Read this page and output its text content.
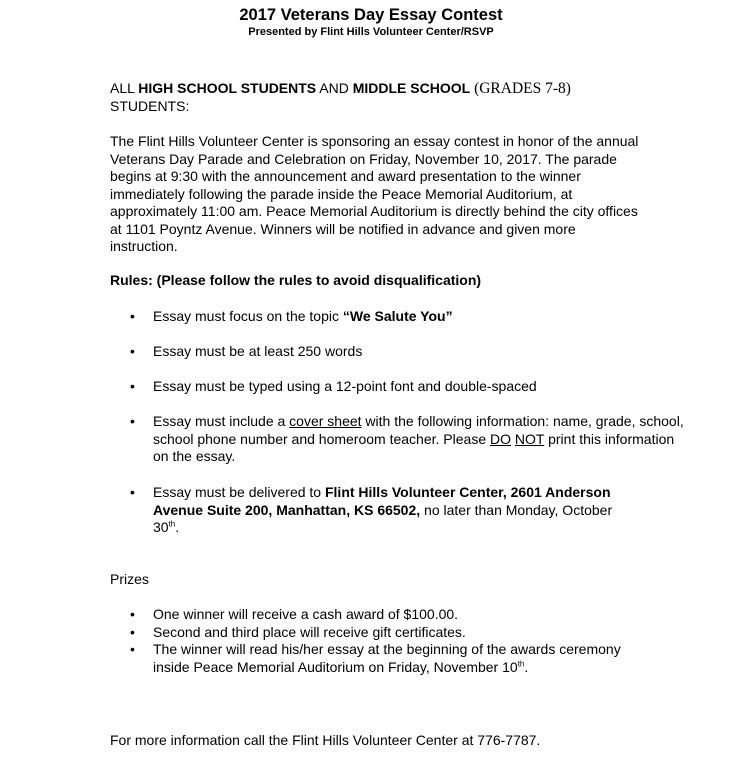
2017 Veterans Day Essay Contest
Presented by Flint Hills Volunteer Center/RSVP
ALL HIGH SCHOOL STUDENTS AND MIDDLE SCHOOL (GRADES 7-8)
STUDENTS:
The Flint Hills Volunteer Center is sponsoring an essay contest in honor of the annual Veterans Day Parade and Celebration on Friday, November 10, 2017. The parade begins at 9:30 with the announcement and award presentation to the winner immediately following the parade inside the Peace Memorial Auditorium, at approximately 11:00 am. Peace Memorial Auditorium is directly behind the city offices at 1101 Poyntz Avenue. Winners will be notified in advance and given more instruction.
Rules: (Please follow the rules to avoid disqualification)
• Essay must focus on the topic “We Salute You”
• Essay must be at least 250 words
• Essay must be typed using a 12-point font and double-spaced
• Essay must include a cover sheet with the following information: name, grade, school, school phone number and homeroom teacher. Please DO NOT print this information on the essay.
• Essay must be delivered to Flint Hills Volunteer Center, 2601 Anderson Avenue Suite 200, Manhattan, KS 66502, no later than Monday, October 30th.
Prizes
• One winner will receive a cash award of $100.00.
• Second and third place will receive gift certificates.
• The winner will read his/her essay at the beginning of the awards ceremony inside Peace Memorial Auditorium on Friday, November 10th.
For more information call the Flint Hills Volunteer Center at 776-7787.
